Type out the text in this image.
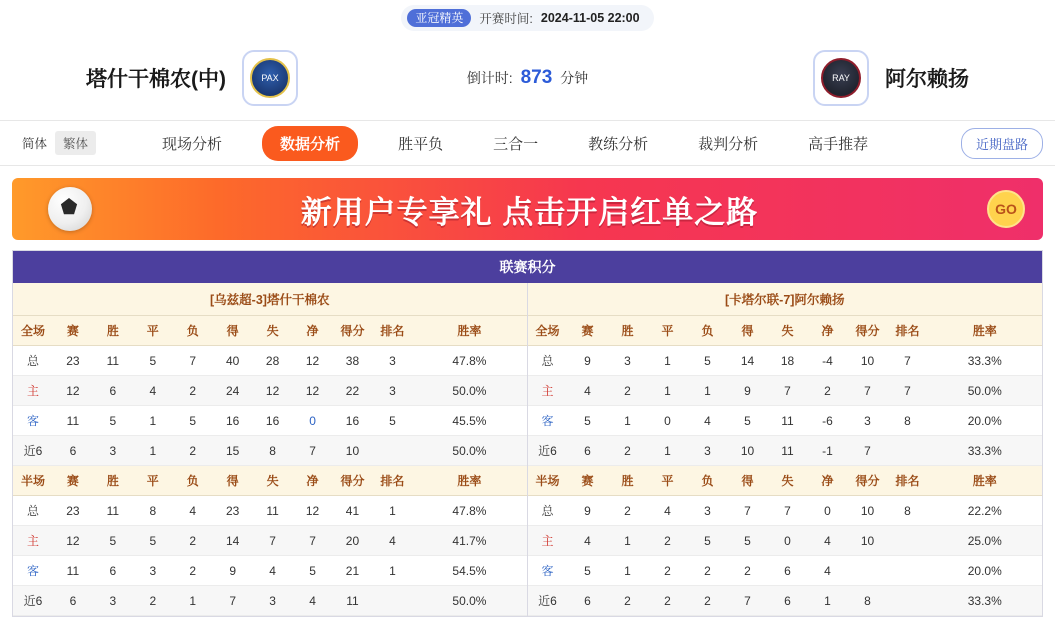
亚冠精英	开赛时间: 2024-11-05 22:00
塔什干棉农(中)	PAX	倒计时: 873 分钟	RAY	阿尔赖扬
简体	繁体	现场分析	数据分析	胜平负	三合一	教练分析	裁判分析	高手推荐	近期盘路
新用户专享礼 点击开启红单之路	GO
联赛积分
[乌兹超-3]塔什干棉农
全场	赛	胜	平	负	得	失	净	得分	排名	胜率
总	23	11	5	7	40	28	12	38	3	47.8%
主	12	6	4	2	24	12	12	22	3	50.0%
客	11	5	1	5	16	16	0	16	5	45.5%
近6	6	3	1	2	15	8	7	10		50.0%
半场	赛	胜	平	负	得	失	净	得分	排名	胜率
总	23	11	8	4	23	11	12	41	1	47.8%
主	12	5	5	2	14	7	7	20	4	41.7%
客	11	6	3	2	9	4	5	21	1	54.5%
近6	6	3	2	1	7	3	4	11		50.0%
[卡塔尔联-7]阿尔赖扬
全场	赛	胜	平	负	得	失	净	得分	排名	胜率
总	9	3	1	5	14	18	-4	10	7	33.3%
主	4	2	1	1	9	7	2	7	7	50.0%
客	5	1	0	4	5	11	-6	3	8	20.0%
近6	6	2	1	3	10	11	-1	7		33.3%
半场	赛	胜	平	负	得	失	净	得分	排名	胜率
总	9	2	4	3	7	7	0	10	8	22.2%
主	4	1	2	5	5	0	4	10		25.0%
客	5	1	2	2	2	6	4			20.0%
近6	6	2	2	2	7	6	1	8		33.3%
